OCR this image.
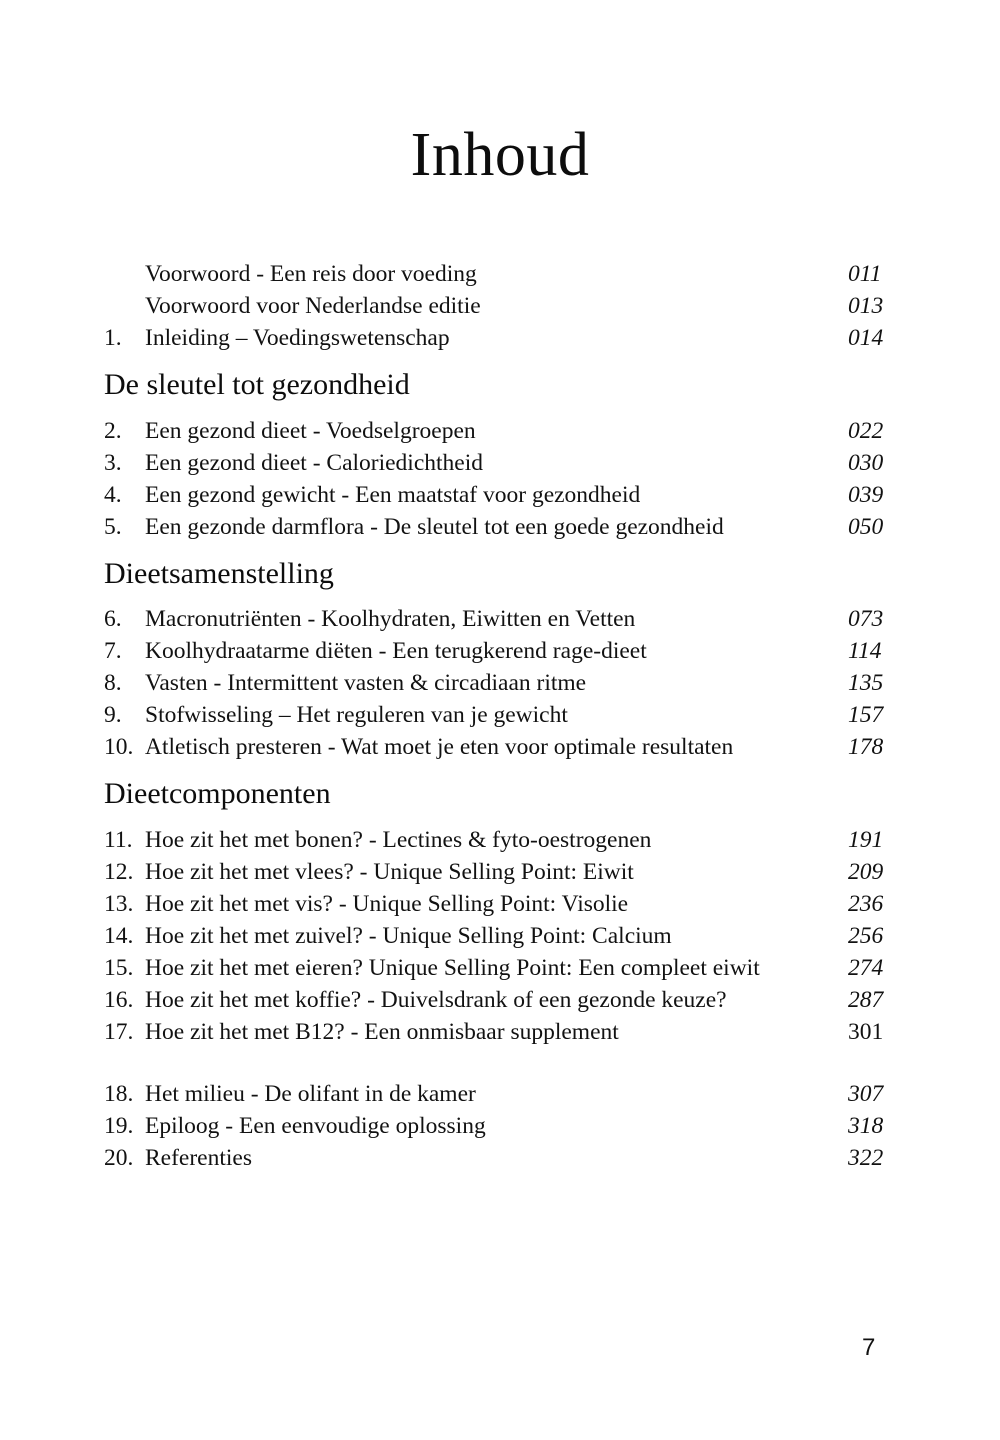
Inhoud
Voorwoord - Een reis door voeding	011
Voorwoord voor Nederlandse editie	013
1. Inleiding – Voedingswetenschap	014
De sleutel tot gezondheid
2. Een gezond dieet - Voedselgroepen	022
3. Een gezond dieet - Caloriedichtheid	030
4. Een gezond gewicht - Een maatstaf voor gezondheid	039
5. Een gezonde darmflora - De sleutel tot een goede gezondheid	050
Dieetsamenstelling
6. Macronutriënten - Koolhydraten, Eiwitten en Vetten	073
7. Koolhydraatarme diëten - Een terugkerend rage-dieet	114
8. Vasten - Intermittent vasten & circadiaan ritme	135
9. Stofwisseling – Het reguleren van je gewicht	157
10. Atletisch presteren - Wat moet je eten voor optimale resultaten	178
Dieetcomponenten
11. Hoe zit het met bonen? - Lectines & fyto-oestrogenen	191
12. Hoe zit het met vlees? - Unique Selling Point: Eiwit	209
13. Hoe zit het met vis? - Unique Selling Point: Visolie	236
14. Hoe zit het met zuivel? - Unique Selling Point: Calcium	256
15. Hoe zit het met eieren? Unique Selling Point: Een compleet eiwit	274
16. Hoe zit het met koffie? - Duivelsdrank of een gezonde keuze?	287
17. Hoe zit het met B12? - Een onmisbaar supplement	301
18. Het milieu - De olifant in de kamer	307
19. Epiloog - Een eenvoudige oplossing	318
20. Referenties	322
7
